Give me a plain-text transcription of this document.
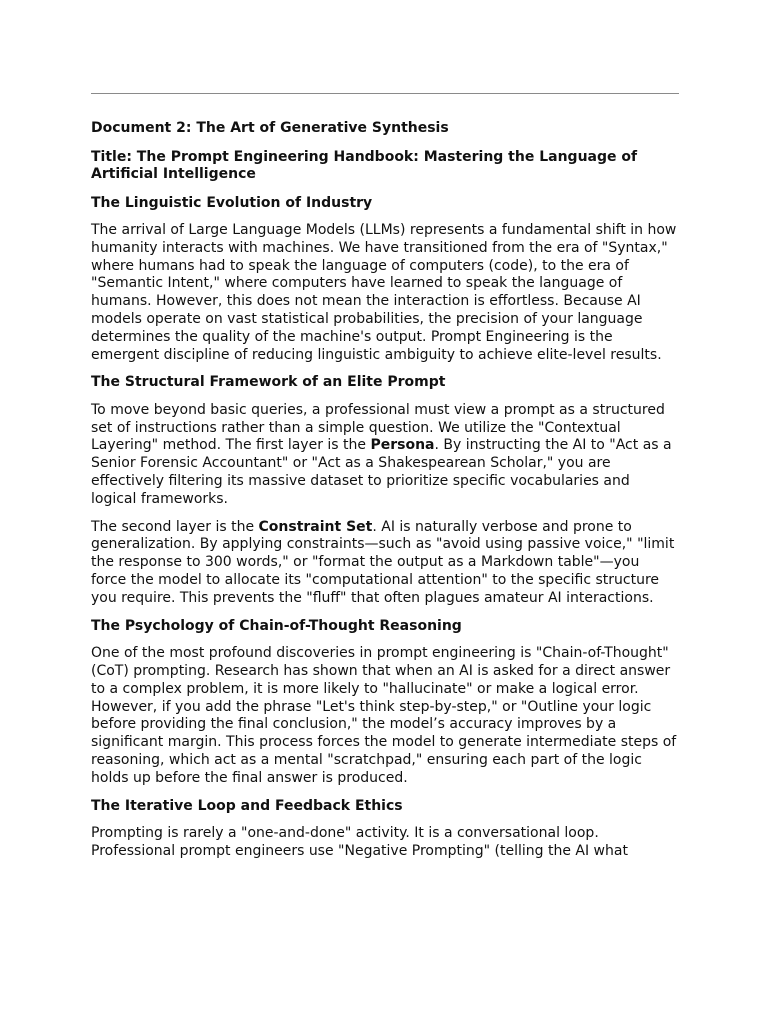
Document 2: The Art of Generative Synthesis
Title: The Prompt Engineering Handbook: Mastering the Language of Artificial Intelligence
The Linguistic Evolution of Industry

The arrival of Large Language Models (LLMs) represents a fundamental shift in how humanity interacts with machines. We have transitioned from the era of "Syntax," where humans had to speak the language of computers (code), to the era of "Semantic Intent," where computers have learned to speak the language of humans. However, this does not mean the interaction is effortless. Because AI models operate on vast statistical probabilities, the precision of your language determines the quality of the machine's output. Prompt Engineering is the emergent discipline of reducing linguistic ambiguity to achieve elite-level results.

The Structural Framework of an Elite Prompt

To move beyond basic queries, a professional must view a prompt as a structured set of instructions rather than a simple question. We utilize the "Contextual Layering" method. The first layer is the Persona. By instructing the AI to "Act as a Senior Forensic Accountant" or "Act as a Shakespearean Scholar," you are effectively filtering its massive dataset to prioritize specific vocabularies and logical frameworks.

The second layer is the Constraint Set. AI is naturally verbose and prone to generalization. By applying constraints—such as "avoid using passive voice," "limit the response to 300 words," or "format the output as a Markdown table"—you force the model to allocate its "computational attention" to the specific structure you require. This prevents the "fluff" that often plagues amateur AI interactions.

The Psychology of Chain-of-Thought Reasoning

One of the most profound discoveries in prompt engineering is "Chain-of-Thought" (CoT) prompting. Research has shown that when an AI is asked for a direct answer to a complex problem, it is more likely to "hallucinate" or make a logical error. However, if you add the phrase "Let's think step-by-step," or "Outline your logic before providing the final conclusion," the model’s accuracy improves by a significant margin. This process forces the model to generate intermediate steps of reasoning, which act as a mental "scratchpad," ensuring each part of the logic holds up before the final answer is produced.

The Iterative Loop and Feedback Ethics

Prompting is rarely a "one-and-done" activity. It is a conversational loop. Professional prompt engineers use "Negative Prompting" (telling the AI what
